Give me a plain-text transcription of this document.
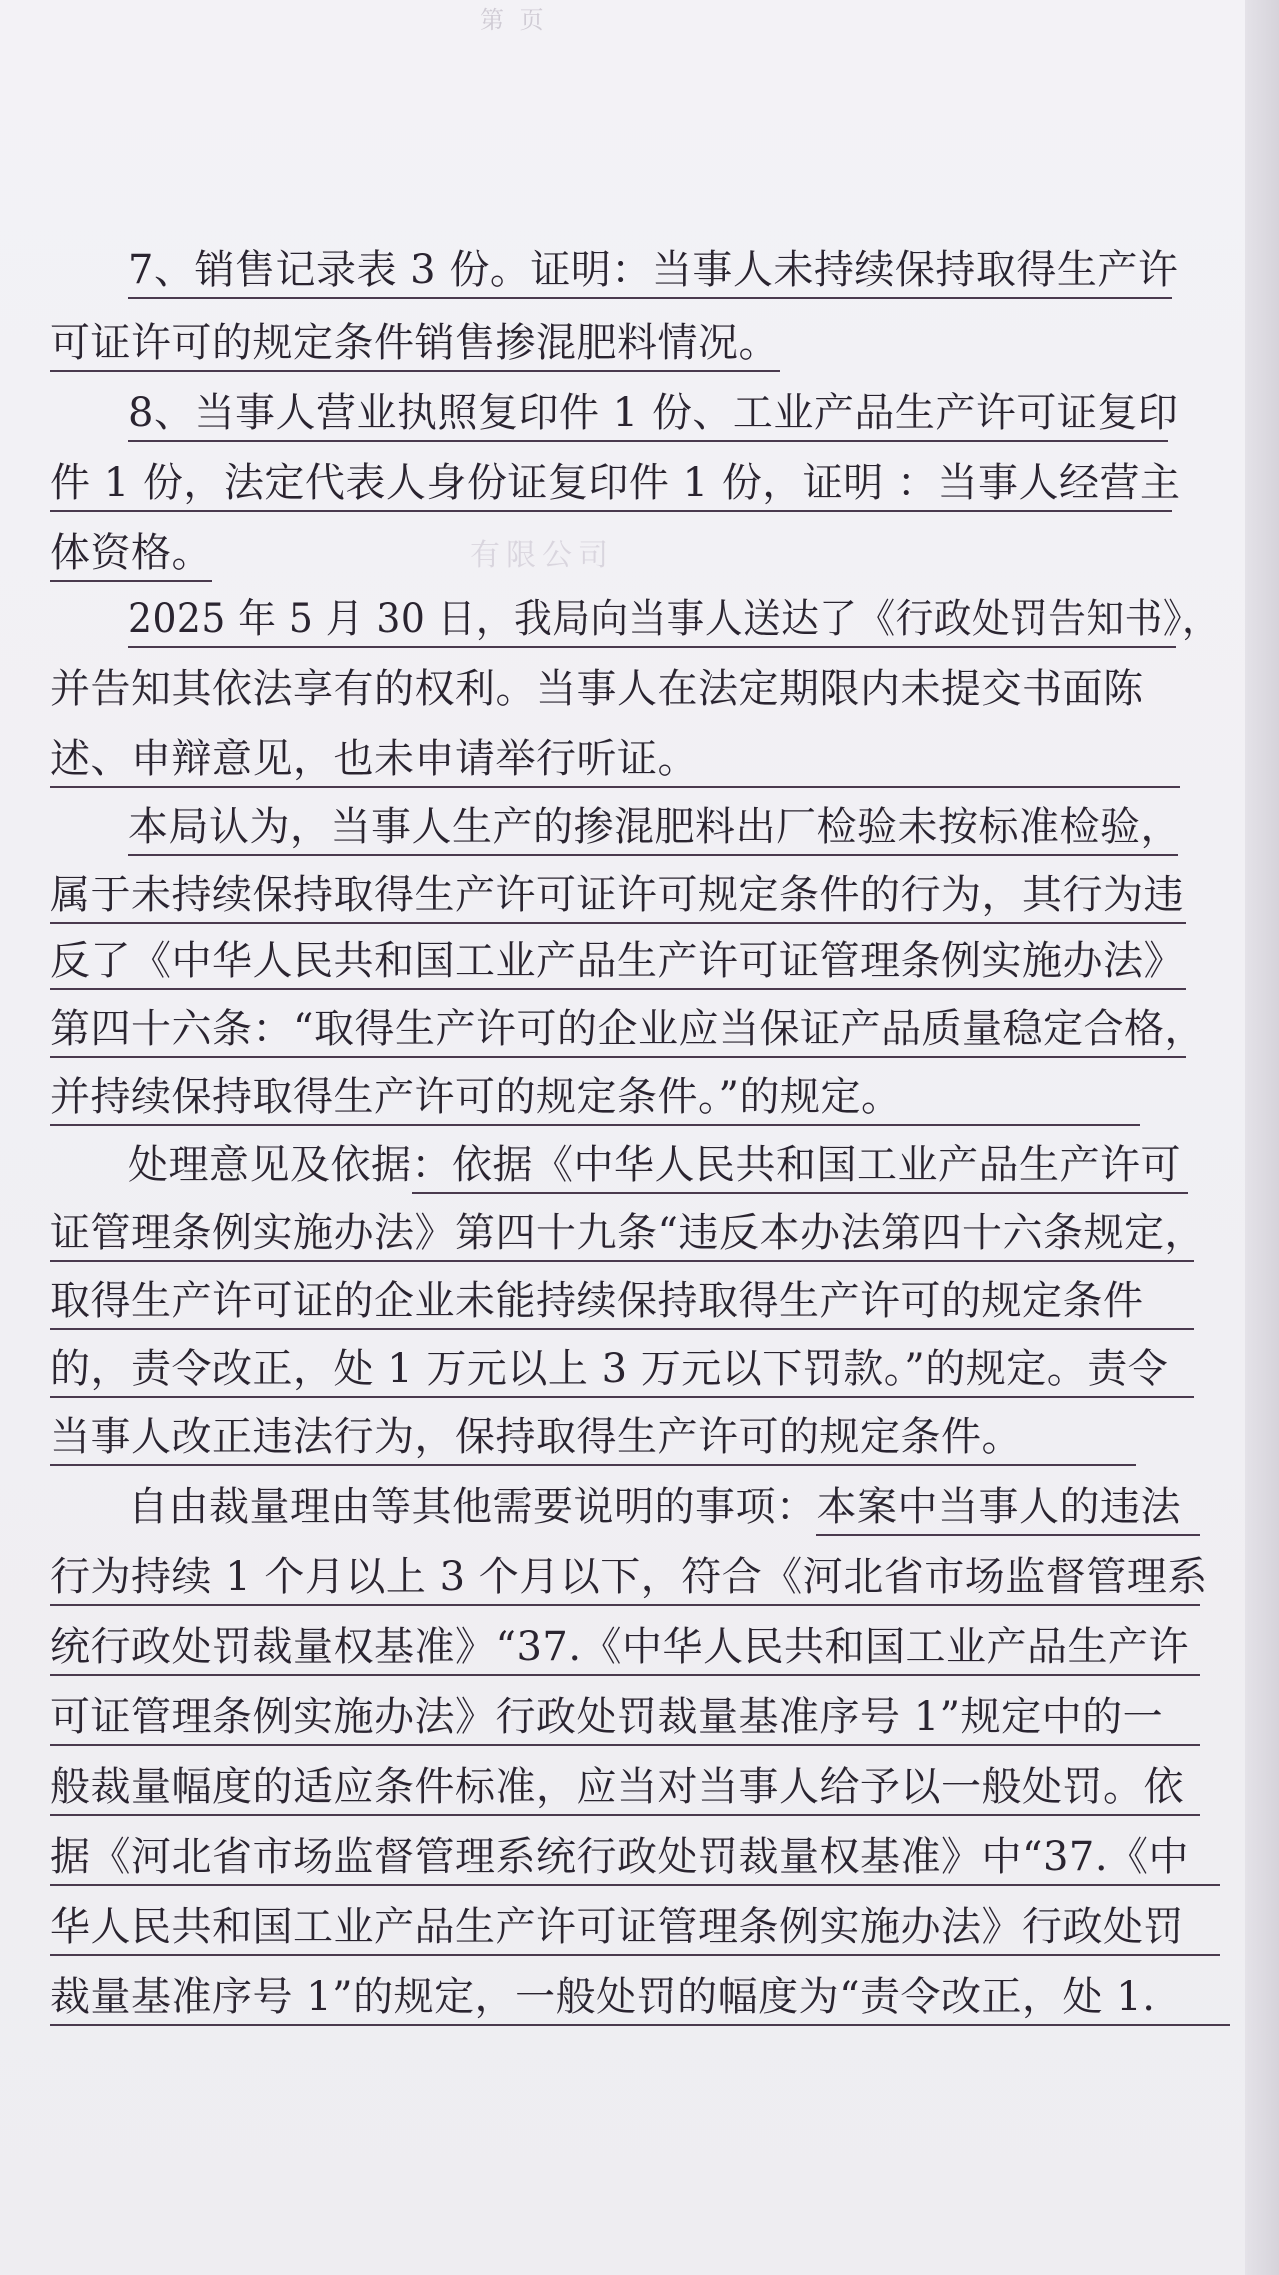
第 页
有限公司
7、销售记录表 3 份。证明：当事人未持续保持取得生产许
可证许可的规定条件销售掺混肥料情况。
8、当事人营业执照复印件 1 份、工业产品生产许可证复印
件 1 份，法定代表人身份证复印件 1 份，证明 ：当事人经营主
体资格。
2025 年 5 月 30 日，我局向当事人送达了《行政处罚告知书》，
并告知其依法享有的权利。当事人在法定期限内未提交书面陈
述、申辩意见，也未申请举行听证。
本局认为，当事人生产的掺混肥料出厂检验未按标准检验，
属于未持续保持取得生产许可证许可规定条件的行为，其行为违
反了《中华人民共和国工业产品生产许可证管理条例实施办法》
第四十六条：“取得生产许可的企业应当保证产品质量稳定合格，
并持续保持取得生产许可的规定条件。”的规定。
处理意见及依据：依据《中华人民共和国工业产品生产许可
证管理条例实施办法》第四十九条“违反本办法第四十六条规定，
取得生产许可证的企业未能持续保持取得生产许可的规定条件
的，责令改正，处 1 万元以上 3 万元以下罚款。”的规定。责令
当事人改正违法行为，保持取得生产许可的规定条件。
自由裁量理由等其他需要说明的事项：本案中当事人的违法
行为持续 1 个月以上 3 个月以下，符合《河北省市场监督管理系
统行政处罚裁量权基准》“37.《中华人民共和国工业产品生产许
可证管理条例实施办法》行政处罚裁量基准序号 1”规定中的一
般裁量幅度的适应条件标准，应当对当事人给予以一般处罚。依
据《河北省市场监督管理系统行政处罚裁量权基准》中“37.《中
华人民共和国工业产品生产许可证管理条例实施办法》行政处罚
裁量基准序号 1”的规定，一般处罚的幅度为“责令改正，处 1.
